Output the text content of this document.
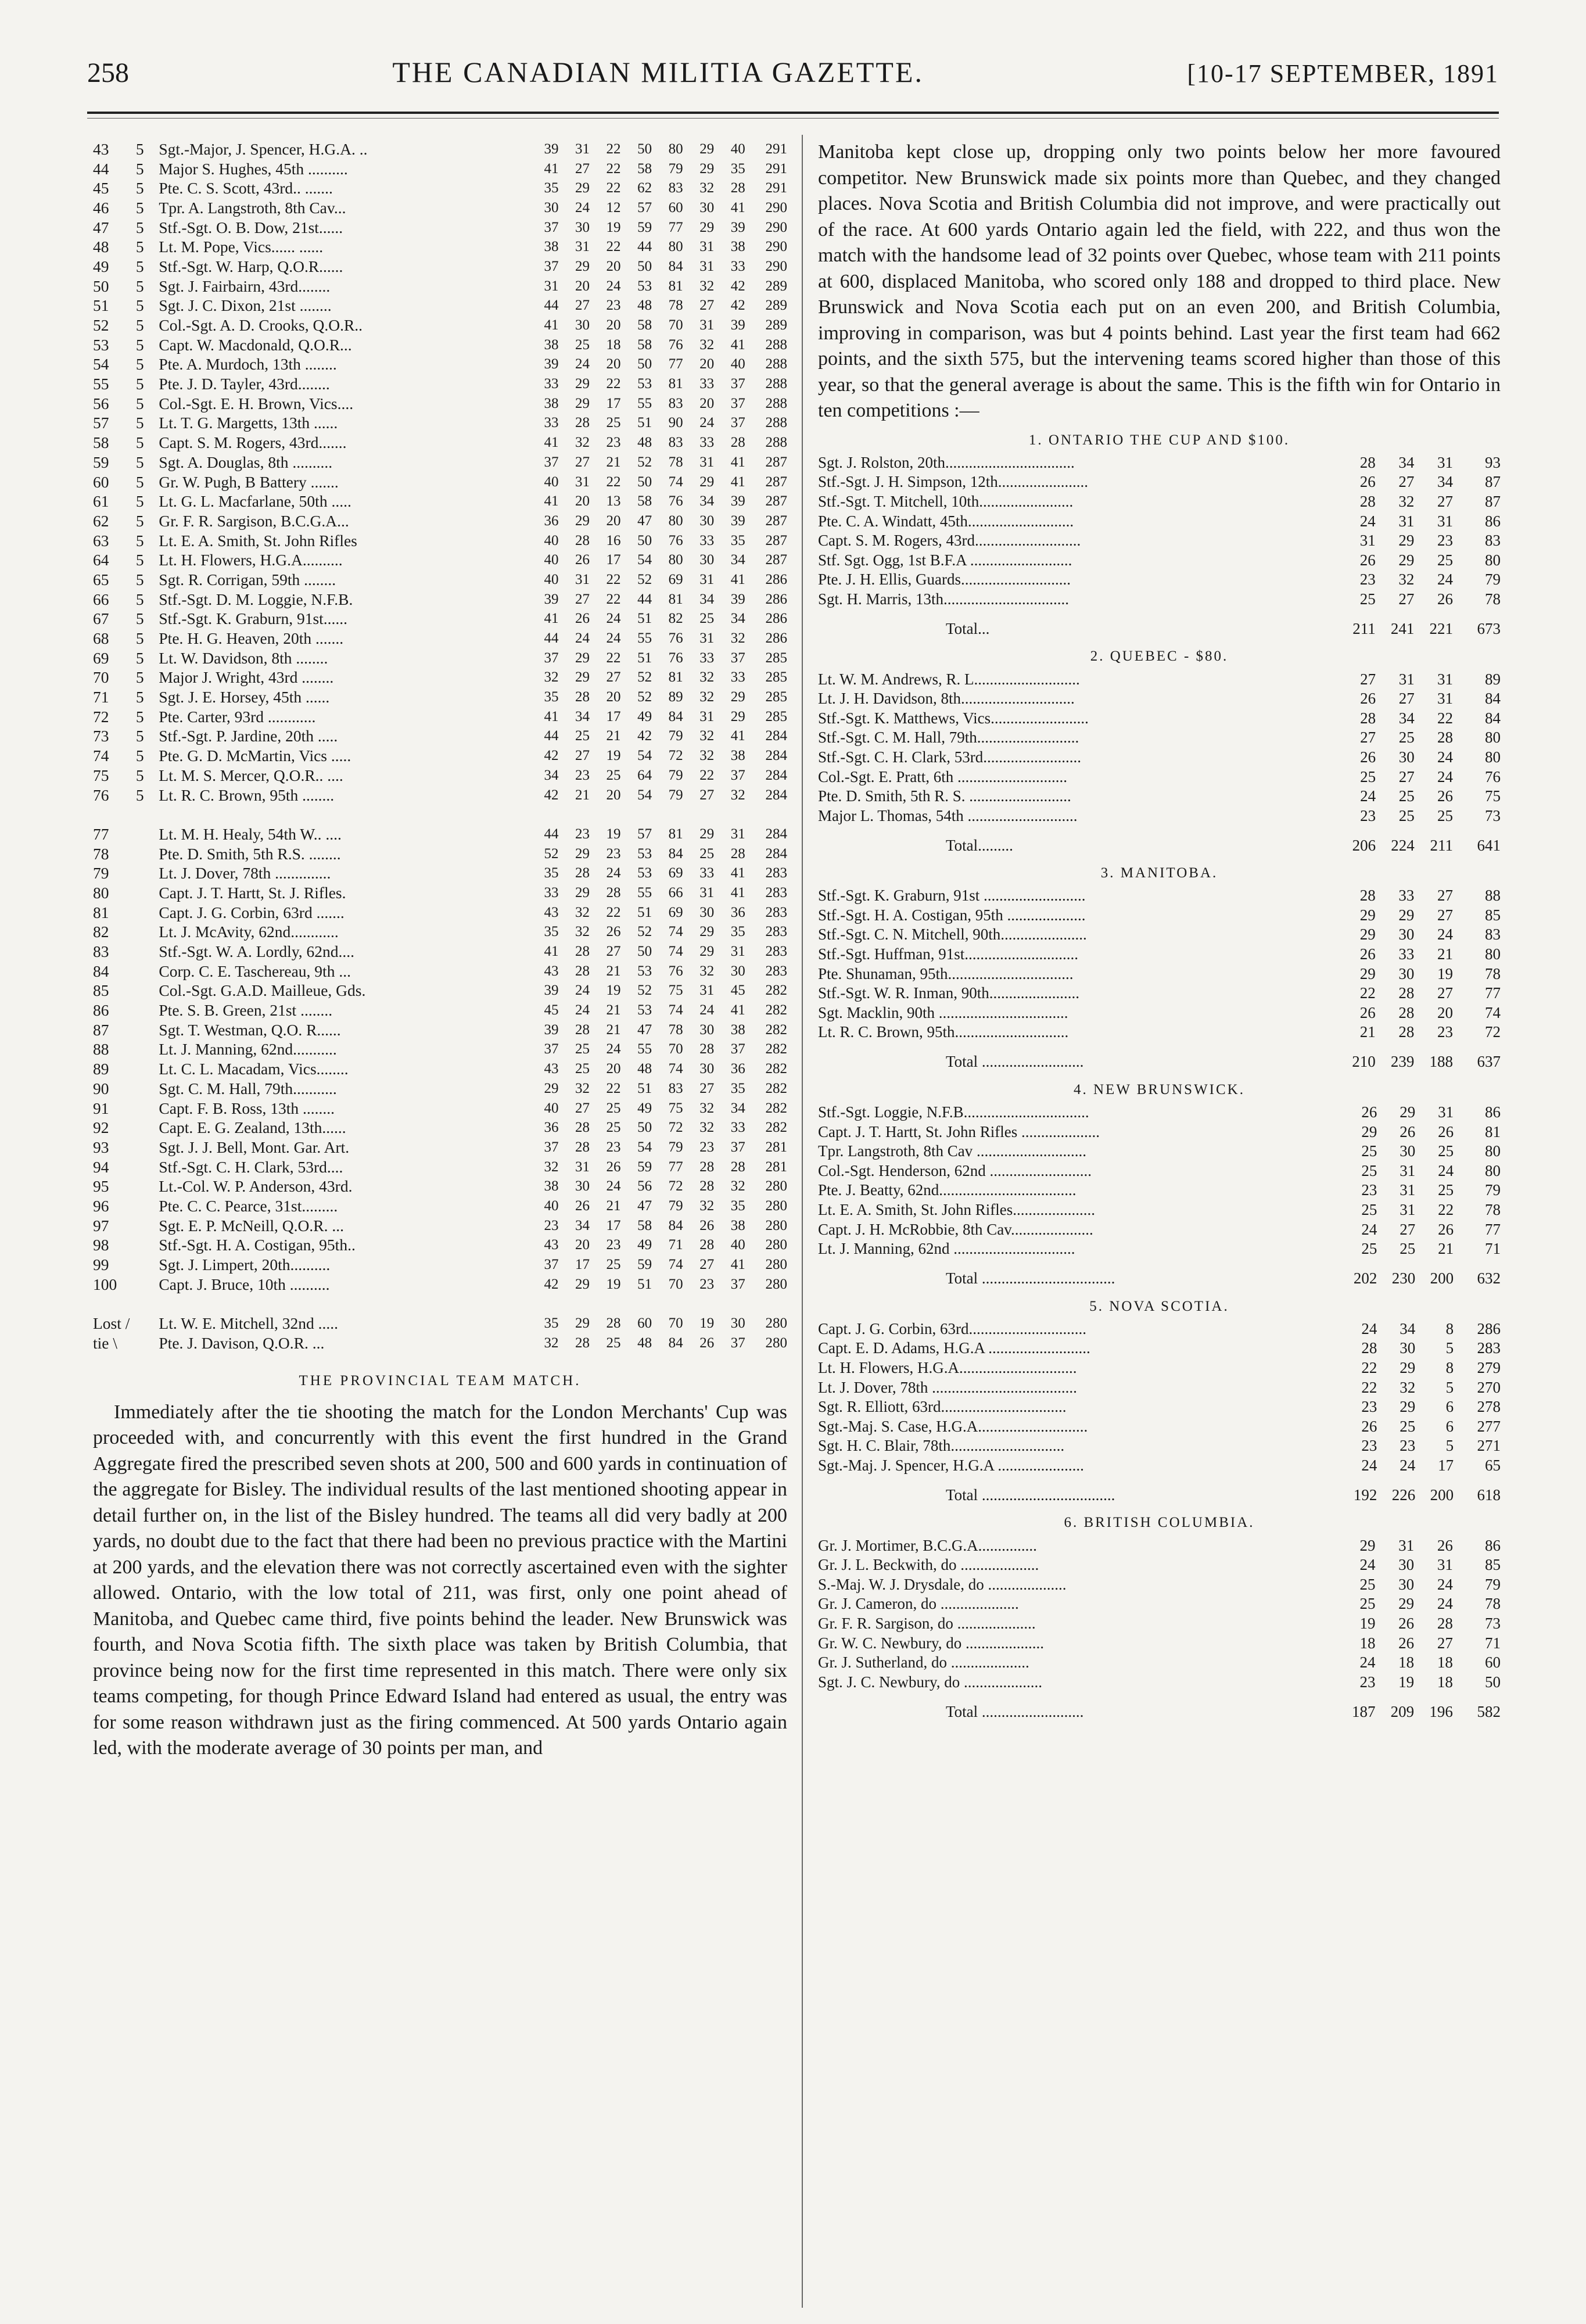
258	THE CANADIAN MILITIA GAZETTE.	[10-17 SEPTEMBER, 1891
43	5	Sgt.-Major, J. Spencer, H.G.A. ..	39	31	22	50	80	29	40	291
44	5	Major S. Hughes, 45th ..........	41	27	22	58	79	29	35	291
45	5	Pte. C. S. Scott, 43rd.. .......	35	29	22	62	83	32	28	291
46	5	Tpr. A. Langstroth, 8th Cav...	30	24	12	57	60	30	41	290
47	5	Stf.-Sgt. O. B. Dow, 21st......	37	30	19	59	77	29	39	290
48	5	Lt. M. Pope, Vics...... ......	38	31	22	44	80	31	38	290
49	5	Stf.-Sgt. W. Harp, Q.O.R......	37	29	20	50	84	31	33	290
50	5	Sgt. J. Fairbairn, 43rd........	31	20	24	53	81	32	42	289
51	5	Sgt. J. C. Dixon, 21st ........	44	27	23	48	78	27	42	289
52	5	Col.-Sgt. A. D. Crooks, Q.O.R..	41	30	20	58	70	31	39	289
53	5	Capt. W. Macdonald, Q.O.R...	38	25	18	58	76	32	41	288
54	5	Pte. A. Murdoch, 13th ........	39	24	20	50	77	20	40	288
55	5	Pte. J. D. Tayler, 43rd........	33	29	22	53	81	33	37	288
56	5	Col.-Sgt. E. H. Brown, Vics....	38	29	17	55	83	20	37	288
57	5	Lt. T. G. Margetts, 13th ......	33	28	25	51	90	24	37	288
58	5	Capt. S. M. Rogers, 43rd.......	41	32	23	48	83	33	28	288
59	5	Sgt. A. Douglas, 8th ..........	37	27	21	52	78	31	41	287
60	5	Gr. W. Pugh, B Battery .......	40	31	22	50	74	29	41	287
61	5	Lt. G. L. Macfarlane, 50th .....	41	20	13	58	76	34	39	287
62	5	Gr. F. R. Sargison, B.C.G.A...	36	29	20	47	80	30	39	287
63	5	Lt. E. A. Smith, St. John Rifles	40	28	16	50	76	33	35	287
64	5	Lt. H. Flowers, H.G.A..........	40	26	17	54	80	30	34	287
65	5	Sgt. R. Corrigan, 59th ........	40	31	22	52	69	31	41	286
66	5	Stf.-Sgt. D. M. Loggie, N.F.B.	39	27	22	44	81	34	39	286
67	5	Stf.-Sgt. K. Graburn, 91st......	41	26	24	51	82	25	34	286
68	5	Pte. H. G. Heaven, 20th .......	44	24	24	55	76	31	32	286
69	5	Lt. W. Davidson, 8th ........	37	29	22	51	76	33	37	285
70	5	Major J. Wright, 43rd ........	32	29	27	52	81	32	33	285
71	5	Sgt. J. E. Horsey, 45th ......	35	28	20	52	89	32	29	285
72	5	Pte. Carter, 93rd ............	41	34	17	49	84	31	29	285
73	5	Stf.-Sgt. P. Jardine, 20th .....	44	25	21	42	79	32	41	284
74	5	Pte. G. D. McMartin, Vics .....	42	27	19	54	72	32	38	284
75	5	Lt. M. S. Mercer, Q.O.R.. ....	34	23	25	64	79	22	37	284
76	5	Lt. R. C. Brown, 95th ........	42	21	20	54	79	27	32	284

77		Lt. M. H. Healy, 54th W.. ....	44	23	19	57	81	29	31	284
78		Pte. D. Smith, 5th R.S. ........	52	29	23	53	84	25	28	284
79		Lt. J. Dover, 78th ..............	35	28	24	53	69	33	41	283
80		Capt. J. T. Hartt, St. J. Rifles.	33	29	28	55	66	31	41	283
81		Capt. J. G. Corbin, 63rd .......	43	32	22	51	69	30	36	283
82		Lt. J. McAvity, 62nd............	35	32	26	52	74	29	35	283
83		Stf.-Sgt. W. A. Lordly, 62nd....	41	28	27	50	74	29	31	283
84		Corp. C. E. Taschereau, 9th ...	43	28	21	53	76	32	30	283
85		Col.-Sgt. G.A.D. Mailleue, Gds.	39	24	19	52	75	31	45	282
86		Pte. S. B. Green, 21st ........	45	24	21	53	74	24	41	282
87		Sgt. T. Westman, Q.O. R......	39	28	21	47	78	30	38	282
88		Lt. J. Manning, 62nd...........	37	25	24	55	70	28	37	282
89		Lt. C. L. Macadam, Vics........	43	25	20	48	74	30	36	282
90		Sgt. C. M. Hall, 79th...........	29	32	22	51	83	27	35	282
91		Capt. F. B. Ross, 13th ........	40	27	25	49	75	32	34	282
92		Capt. E. G. Zealand, 13th......	36	28	25	50	72	32	33	282
93		Sgt. J. J. Bell, Mont. Gar. Art.	37	28	23	54	79	23	37	281
94		Stf.-Sgt. C. H. Clark, 53rd....	32	31	26	59	77	28	28	281
95		Lt.-Col. W. P. Anderson, 43rd.	38	30	24	56	72	28	32	280
96		Pte. C. C. Pearce, 31st.........	40	26	21	47	79	32	35	280
97		Sgt. E. P. McNeill, Q.O.R. ...	23	34	17	58	84	26	38	280
98		Stf.-Sgt. H. A. Costigan, 95th..	43	20	23	49	71	28	40	280
99		Sgt. J. Limpert, 20th..........	37	17	25	59	74	27	41	280
100		Capt. J. Bruce, 10th ..........	42	29	19	51	70	23	37	280

Lost /		Lt. W. E. Mitchell, 32nd .....	35	29	28	60	70	19	30	280
tie \		Pte. J. Davison, Q.O.R. ...	32	28	25	48	84	26	37	280
THE PROVINCIAL TEAM MATCH.

Immediately after the tie shooting the match for the London Merchants' Cup was proceeded with, and concurrently with this event the first hundred in the Grand Aggregate fired the prescribed seven shots at 200, 500 and 600 yards in continuation of the aggregate for Bisley. The individual results of the last mentioned shooting appear in detail further on, in the list of the Bisley hundred. The teams all did very badly at 200 yards, no doubt due to the fact that there had been no previous practice with the Martini at 200 yards, and the elevation there was not correctly ascertained even with the sighter allowed. Ontario, with the low total of 211, was first, only one point ahead of Manitoba, and Quebec came third, five points behind the leader. New Brunswick was fourth, and Nova Scotia fifth. The sixth place was taken by British Columbia, that province being now for the first time represented in this match. There were only six teams competing, for though Prince Edward Island had entered as usual, the entry was for some reason withdrawn just as the firing commenced. At 500 yards Ontario again led, with the moderate average of 30 points per man, and

Manitoba kept close up, dropping only two points below her more favoured competitor. New Brunswick made six points more than Quebec, and they changed places. Nova Scotia and British Columbia did not improve, and were practically out of the race. At 600 yards Ontario again led the field, with 222, and thus won the match with the handsome lead of 32 points over Quebec, whose team with 211 points at 600, displaced Manitoba, who scored only 188 and dropped to third place. New Brunswick and Nova Scotia each put on an even 200, and British Columbia, improving in comparison, was but 4 points behind. Last year the first team had 662 points, and the sixth 575, but the intervening teams scored higher than those of this year, so that the general average is about the same. This is the fifth win for Ontario in ten competitions :—

1. ONTARIO THE CUP AND $100.
Sgt. J. Rolston, 20th.................................	28	34	31	93
Stf.-Sgt. J. H. Simpson, 12th.......................	26	27	34	87
Stf.-Sgt. T. Mitchell, 10th........................	28	32	27	87
Pte. C. A. Windatt, 45th...........................	24	31	31	86
Capt. S. M. Rogers, 43rd...........................	31	29	23	83
Stf. Sgt. Ogg, 1st B.F.A ..........................	26	29	25	80
Pte. J. H. Ellis, Guards............................	23	32	24	79
Sgt. H. Marris, 13th................................	25	27	26	78
Total...	211	241	221	673
2. QUEBEC - $80.
Lt. W. M. Andrews, R. L...........................	27	31	31	89
Lt. J. H. Davidson, 8th.............................	26	27	31	84
Stf.-Sgt. K. Matthews, Vics.........................	28	34	22	84
Stf.-Sgt. C. M. Hall, 79th..........................	27	25	28	80
Stf.-Sgt. C. H. Clark, 53rd.........................	26	30	24	80
Col.-Sgt. E. Pratt, 6th ............................	25	27	24	76
Pte. D. Smith, 5th R. S. ..........................	24	25	26	75
Major L. Thomas, 54th ............................	23	25	25	73
Total.........	206	224	211	641
3. MANITOBA.
Stf.-Sgt. K. Graburn, 91st ..........................	28	33	27	88
Stf.-Sgt. H. A. Costigan, 95th ....................	29	29	27	85
Stf.-Sgt. C. N. Mitchell, 90th......................	29	30	24	83
Stf.-Sgt. Huffman, 91st.............................	26	33	21	80
Pte. Shunaman, 95th................................	29	30	19	78
Stf.-Sgt. W. R. Inman, 90th.......................	22	28	27	77
Sgt. Macklin, 90th .................................	26	28	20	74
Lt. R. C. Brown, 95th.............................	21	28	23	72
Total ..........................	210	239	188	637
4. NEW BRUNSWICK.
Stf.-Sgt. Loggie, N.F.B................................	26	29	31	86
Capt. J. T. Hartt, St. John Rifles ....................	29	26	26	81
Tpr. Langstroth, 8th Cav ............................	25	30	25	80
Col.-Sgt. Henderson, 62nd ..........................	25	31	24	80
Pte. J. Beatty, 62nd...................................	23	31	25	79
Lt. E. A. Smith, St. John Rifles.....................	25	31	22	78
Capt. J. H. McRobbie, 8th Cav.....................	24	27	26	77
Lt. J. Manning, 62nd ...............................	25	25	21	71
Total ..................................	202	230	200	632
5. NOVA SCOTIA.
Capt. J. G. Corbin, 63rd..............................	24	34	8	286
Capt. E. D. Adams, H.G.A ..........................	28	30	5	283
Lt. H. Flowers, H.G.A..............................	22	29	8	279
Lt. J. Dover, 78th .....................................	22	32	5	270
Sgt. R. Elliott, 63rd................................	23	29	6	278
Sgt.-Maj. S. Case, H.G.A............................	26	25	6	277
Sgt. H. C. Blair, 78th.............................	23	23	5	271
Sgt.-Maj. J. Spencer, H.G.A ......................	24	24	17	65
Total ..................................	192	226	200	618
6. BRITISH COLUMBIA.
Gr. J. Mortimer, B.C.G.A...............	29	31	26	86
Gr. J. L. Beckwith, do ....................	24	30	31	85
S.-Maj. W. J. Drysdale, do ....................	25	30	24	79
Gr. J. Cameron, do ....................	25	29	24	78
Gr. F. R. Sargison, do ....................	19	26	28	73
Gr. W. C. Newbury, do ....................	18	26	27	71
Gr. J. Sutherland, do ....................	24	18	18	60
Sgt. J. C. Newbury, do ....................	23	19	18	50
Total ..........................	187	209	196	582
